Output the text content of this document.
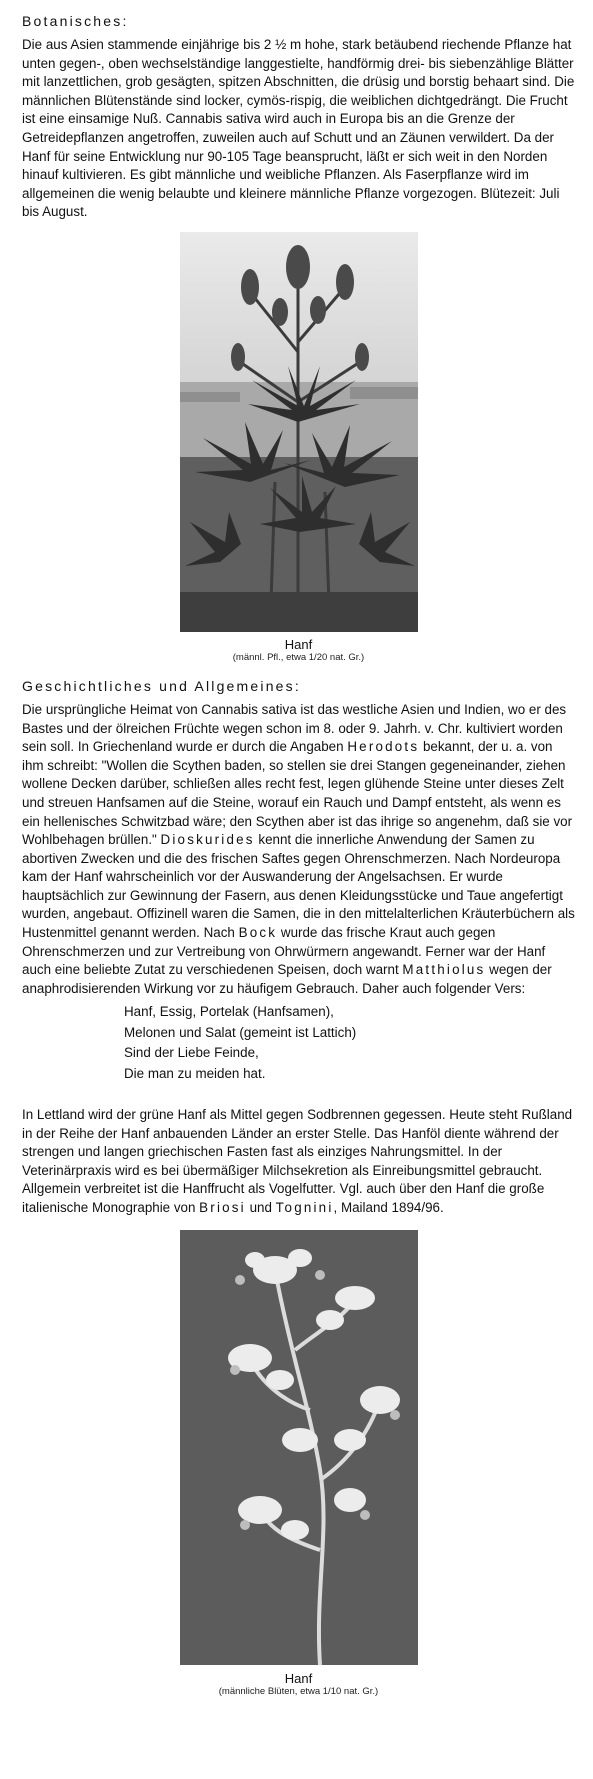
Botanisches:

Die aus Asien stammende einjährige bis 2 ½ m hohe, stark betäubend riechende Pflanze hat unten gegen-, oben wechselständige langgestielte, handförmig drei- bis siebenzählige Blätter mit lanzettlichen, grob gesägten, spitzen Abschnitten, die drüsig und borstig behaart sind. Die männlichen Blütenstände sind locker, cymös-rispig, die weiblichen dichtgedrängt. Die Frucht ist eine einsamige Nuß. Cannabis sativa wird auch in Europa bis an die Grenze der Getreidepflanzen angetroffen, zuweilen auch auf Schutt und an Zäunen verwildert. Da der Hanf für seine Entwicklung nur 90-105 Tage beansprucht, läßt er sich weit in den Norden hinauf kultivieren. Es gibt männliche und weibliche Pflanzen. Als Faserpflanze wird im allgemeinen die wenig belaubte und kleinere männliche Pflanze vorgezogen. Blütezeit: Juli bis August.

Hanf
(männl. Pfl., etwa 1/20 nat. Gr.)
Geschichtliches und Allgemeines:

Die ursprüngliche Heimat von Cannabis sativa ist das westliche Asien und Indien, wo er des Bastes und der ölreichen Früchte wegen schon im 8. oder 9. Jahrh. v. Chr. kultiviert worden sein soll. In Griechenland wurde er durch die Angaben Herodots bekannt, der u. a. von ihm schreibt: "Wollen die Scythen baden, so stellen sie drei Stangen gegeneinander, ziehen wollene Decken darüber, schließen alles recht fest, legen glühende Steine unter dieses Zelt und streuen Hanfsamen auf die Steine, worauf ein Rauch und Dampf entsteht, als wenn es ein hellenisches Schwitzbad wäre; den Scythen aber ist das ihrige so angenehm, daß sie vor Wohlbehagen brüllen." Dioskurides kennt die innerliche Anwendung der Samen zu abortiven Zwecken und die des frischen Saftes gegen Ohrenschmerzen. Nach Nordeuropa kam der Hanf wahrscheinlich vor der Auswanderung der Angelsachsen. Er wurde hauptsächlich zur Gewinnung der Fasern, aus denen Kleidungsstücke und Taue angefertigt wurden, angebaut. Offizinell waren die Samen, die in den mittelalterlichen Kräuterbüchern als Hustenmittel genannt werden. Nach Bock wurde das frische Kraut auch gegen Ohrenschmerzen und zur Vertreibung von Ohrwürmern angewandt. Ferner war der Hanf auch eine beliebte Zutat zu verschiedenen Speisen, doch warnt Matthiolus wegen der anaphrodisierenden Wirkung vor zu häufigem Gebrauch. Daher auch folgender Vers:

Hanf, Essig, Portelak (Hanfsamen),
Melonen und Salat (gemeint ist Lattich)
Sind der Liebe Feinde,
Die man zu meiden hat.

In Lettland wird der grüne Hanf als Mittel gegen Sodbrennen gegessen. Heute steht Rußland in der Reihe der Hanf anbauenden Länder an erster Stelle. Das Hanföl diente während der strengen und langen griechischen Fasten fast als einziges Nahrungsmittel. In der Veterinärpraxis wird es bei übermäßiger Milchsekretion als Einreibungsmittel gebraucht. Allgemein verbreitet ist die Hanffrucht als Vogelfutter. Vgl. auch über den Hanf die große italienische Monographie von Briosi und Tognini, Mailand 1894/96.

Hanf
(männliche Blüten, etwa 1/10 nat. Gr.)
